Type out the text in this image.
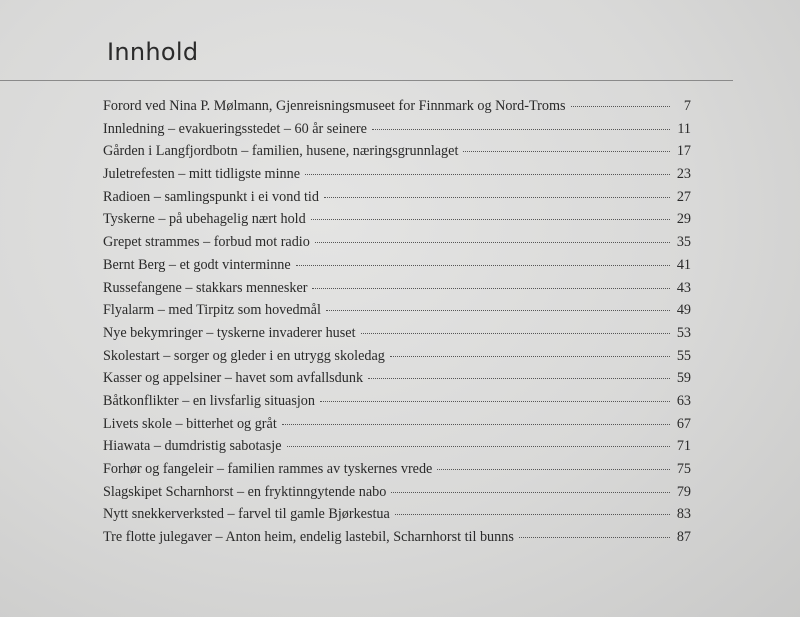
Innhold
Forord ved Nina P. Mølmann, Gjenreisningsmuseet for Finnmark og Nord-Troms	7
Innledning – evakueringsstedet – 60 år seinere	11
Gården i Langfjordbotn – familien, husene, næringsgrunnlaget	17
Juletrefesten – mitt tidligste minne	23
Radioen – samlingspunkt i ei vond tid	27
Tyskerne – på ubehagelig nært hold	29
Grepet strammes – forbud mot radio	35
Bernt Berg – et godt vinterminne	41
Russefangene – stakkars mennesker	43
Flyalarm – med Tirpitz som hovedmål	49
Nye bekymringer – tyskerne invaderer huset	53
Skolestart – sorger og gleder i en utrygg skoledag	55
Kasser og appelsiner – havet som avfallsdunk	59
Båtkonflikter – en livsfarlig situasjon	63
Livets skole – bitterhet og gråt	67
Hiawata – dumdristig sabotasje	71
Forhør og fangeleir – familien rammes av tyskernes vrede	75
Slagskipet Scharnhorst – en fryktinngytende nabo	79
Nytt snekkerverksted – farvel til gamle Bjørkestua	83
Tre flotte julegaver – Anton heim, endelig lastebil, Scharnhorst til bunns	87
